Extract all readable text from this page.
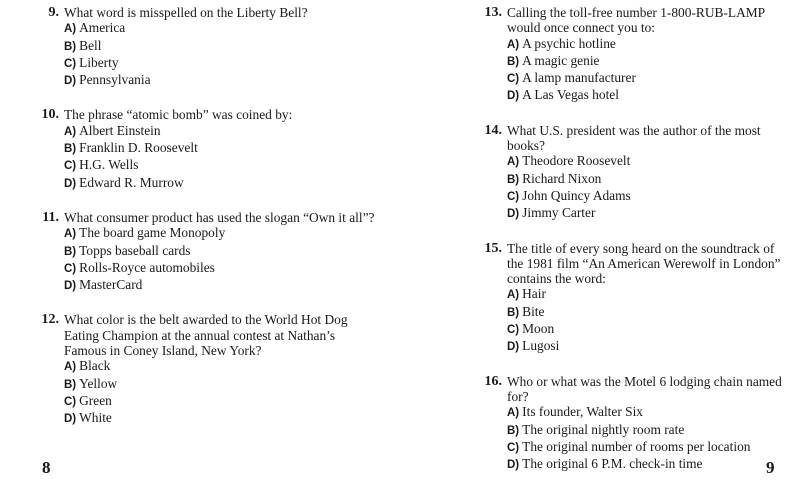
9. What word is misspelled on the Liberty Bell?
A) America
B) Bell
C) Liberty
D) Pennsylvania
10. The phrase “atomic bomb” was coined by:
A) Albert Einstein
B) Franklin D. Roosevelt
C) H.G. Wells
D) Edward R. Murrow
11. What consumer product has used the slogan “Own it all”?
A) The board game Monopoly
B) Topps baseball cards
C) Rolls-Royce automobiles
D) MasterCard
12. What color is the belt awarded to the World Hot Dog Eating Champion at the annual contest at Nathan’s Famous in Coney Island, New York?
A) Black
B) Yellow
C) Green
D) White
13. Calling the toll-free number 1-800-RUB-LAMP would once connect you to:
A) A psychic hotline
B) A magic genie
C) A lamp manufacturer
D) A Las Vegas hotel
14. What U.S. president was the author of the most books?
A) Theodore Roosevelt
B) Richard Nixon
C) John Quincy Adams
D) Jimmy Carter
15. The title of every song heard on the soundtrack of the 1981 film “An American Werewolf in London” contains the word:
A) Hair
B) Bite
C) Moon
D) Lugosi
16. Who or what was the Motel 6 lodging chain named for?
A) Its founder, Walter Six
B) The original nightly room rate
C) The original number of rooms per location
D) The original 6 P.M. check-in time
8	9
